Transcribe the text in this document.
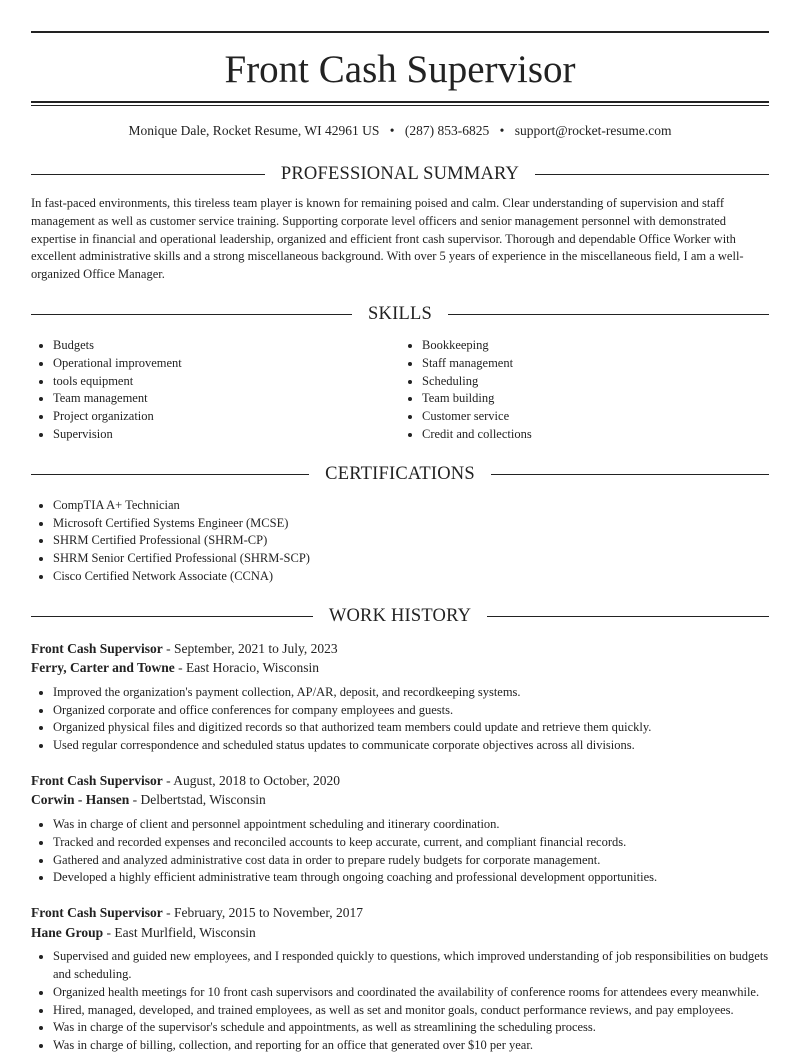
Front Cash Supervisor
Monique Dale, Rocket Resume, WI 42961 US • (287) 853-6825 • support@rocket-resume.com
PROFESSIONAL SUMMARY
In fast-paced environments, this tireless team player is known for remaining poised and calm. Clear understanding of supervision and staff management as well as customer service training. Supporting corporate level officers and senior management personnel with demonstrated expertise in financial and operational leadership, organized and efficient front cash supervisor. Thorough and dependable Office Worker with excellent administrative skills and a strong miscellaneous background. With over 5 years of experience in the miscellaneous field, I am a well-organized Office Manager.
SKILLS
• Budgets
• Operational improvement
• tools equipment
• Team management
• Project organization
• Supervision
• Bookkeeping
• Staff management
• Scheduling
• Team building
• Customer service
• Credit and collections
CERTIFICATIONS
• CompTIA A+ Technician
• Microsoft Certified Systems Engineer (MCSE)
• SHRM Certified Professional (SHRM-CP)
• SHRM Senior Certified Professional (SHRM-SCP)
• Cisco Certified Network Associate (CCNA)
WORK HISTORY
Front Cash Supervisor - September, 2021 to July, 2023
Ferry, Carter and Towne - East Horacio, Wisconsin
• Improved the organization's payment collection, AP/AR, deposit, and recordkeeping systems.
• Organized corporate and office conferences for company employees and guests.
• Organized physical files and digitized records so that authorized team members could update and retrieve them quickly.
• Used regular correspondence and scheduled status updates to communicate corporate objectives across all divisions.
Front Cash Supervisor - August, 2018 to October, 2020
Corwin - Hansen - Delbertstad, Wisconsin
• Was in charge of client and personnel appointment scheduling and itinerary coordination.
• Tracked and recorded expenses and reconciled accounts to keep accurate, current, and compliant financial records.
• Gathered and analyzed administrative cost data in order to prepare rudely budgets for corporate management.
• Developed a highly efficient administrative team through ongoing coaching and professional development opportunities.
Front Cash Supervisor - February, 2015 to November, 2017
Hane Group - East Murlfield, Wisconsin
• Supervised and guided new employees, and I responded quickly to questions, which improved understanding of job responsibilities on budgets and scheduling.
• Organized health meetings for 10 front cash supervisors and coordinated the availability of conference rooms for attendees every meanwhile.
• Hired, managed, developed, and trained employees, as well as set and monitor goals, conduct performance reviews, and pay employees.
• Was in charge of the supervisor's schedule and appointments, as well as streamlining the scheduling process.
• Was in charge of billing, collection, and reporting for an office that generated over $10 per year.
